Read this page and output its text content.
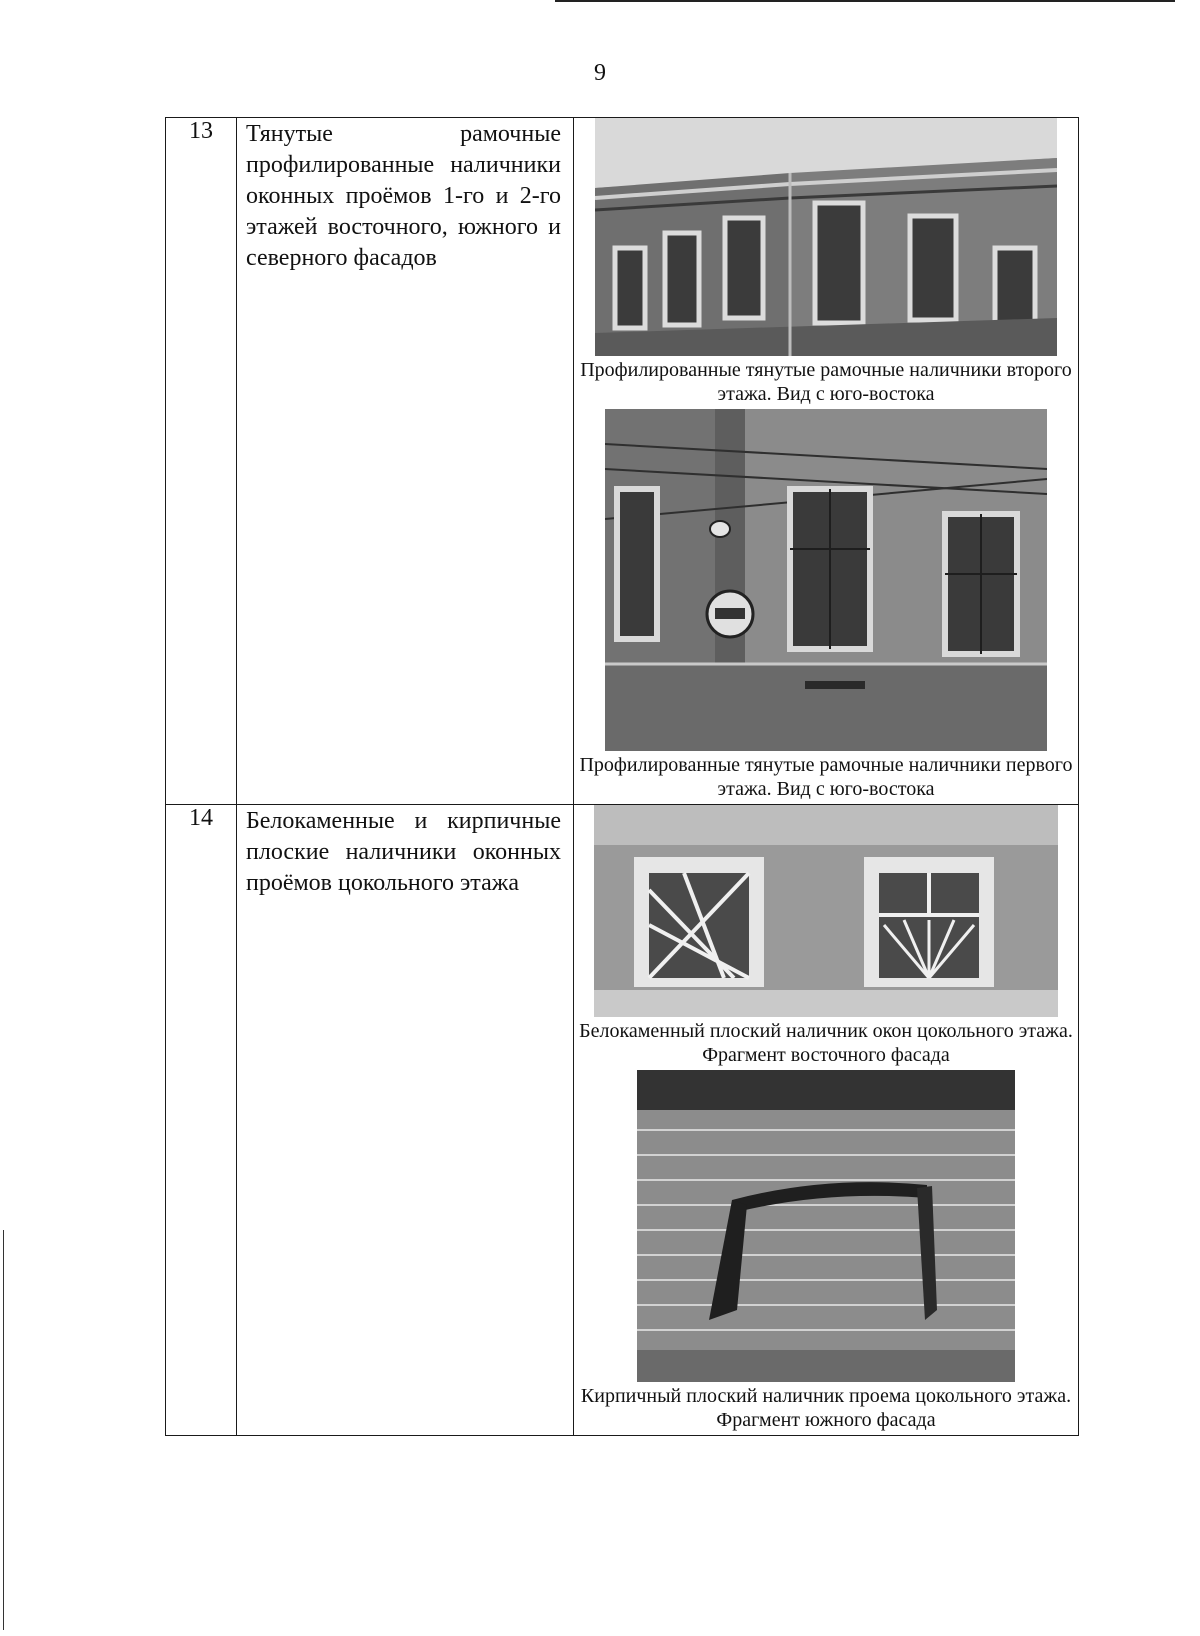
9
13	Тянутые рамочные профилированные наличники оконных проёмов 1-го и 2-го этажей восточного, южного и северного фасадов	Профилированные тянутые рамочные наличники второго этажа. Вид с юго-востока
Профилированные тянутые рамочные наличники первого этажа. Вид с юго-востока

14	Белокаменные и кирпичные плоские наличники оконных проёмов цокольного этажа	Белокаменный плоский наличник окон цокольного этажа. Фрагмент восточного фасада
Кирпичный плоский наличник проема цокольного этажа. Фрагмент южного фасада
